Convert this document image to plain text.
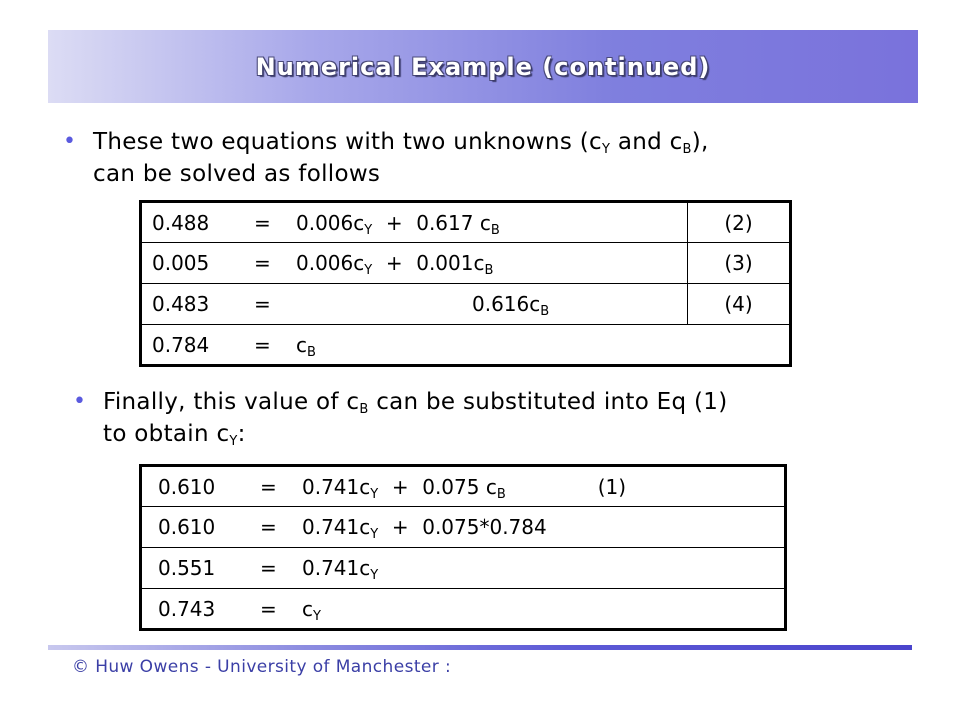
Numerical Example (continued)
• These two equations with two unknowns ($c_Y$ and $c_B$),
can be solved as follows
$0.488 = 0.006c_Y + 0.617$ $c_B$	(2)
$0.005 = 0.006c_Y + 0.001c_B$	(3)
$0.483 = 0.616c_B$	(4)
$0.784 = c_B$
• Finally, this value of $c_B$ can be substituted into Eq (1)
to obtain $c_Y$:
$0.610 = 0.741c_Y + 0.075$ $c_B$	(1)
$0.610 = 0.741c_Y + 0.075*0.784$
$0.551 = 0.741c_Y$
$0.743 = c_Y$
© Huw Owens - University of Manchester :
